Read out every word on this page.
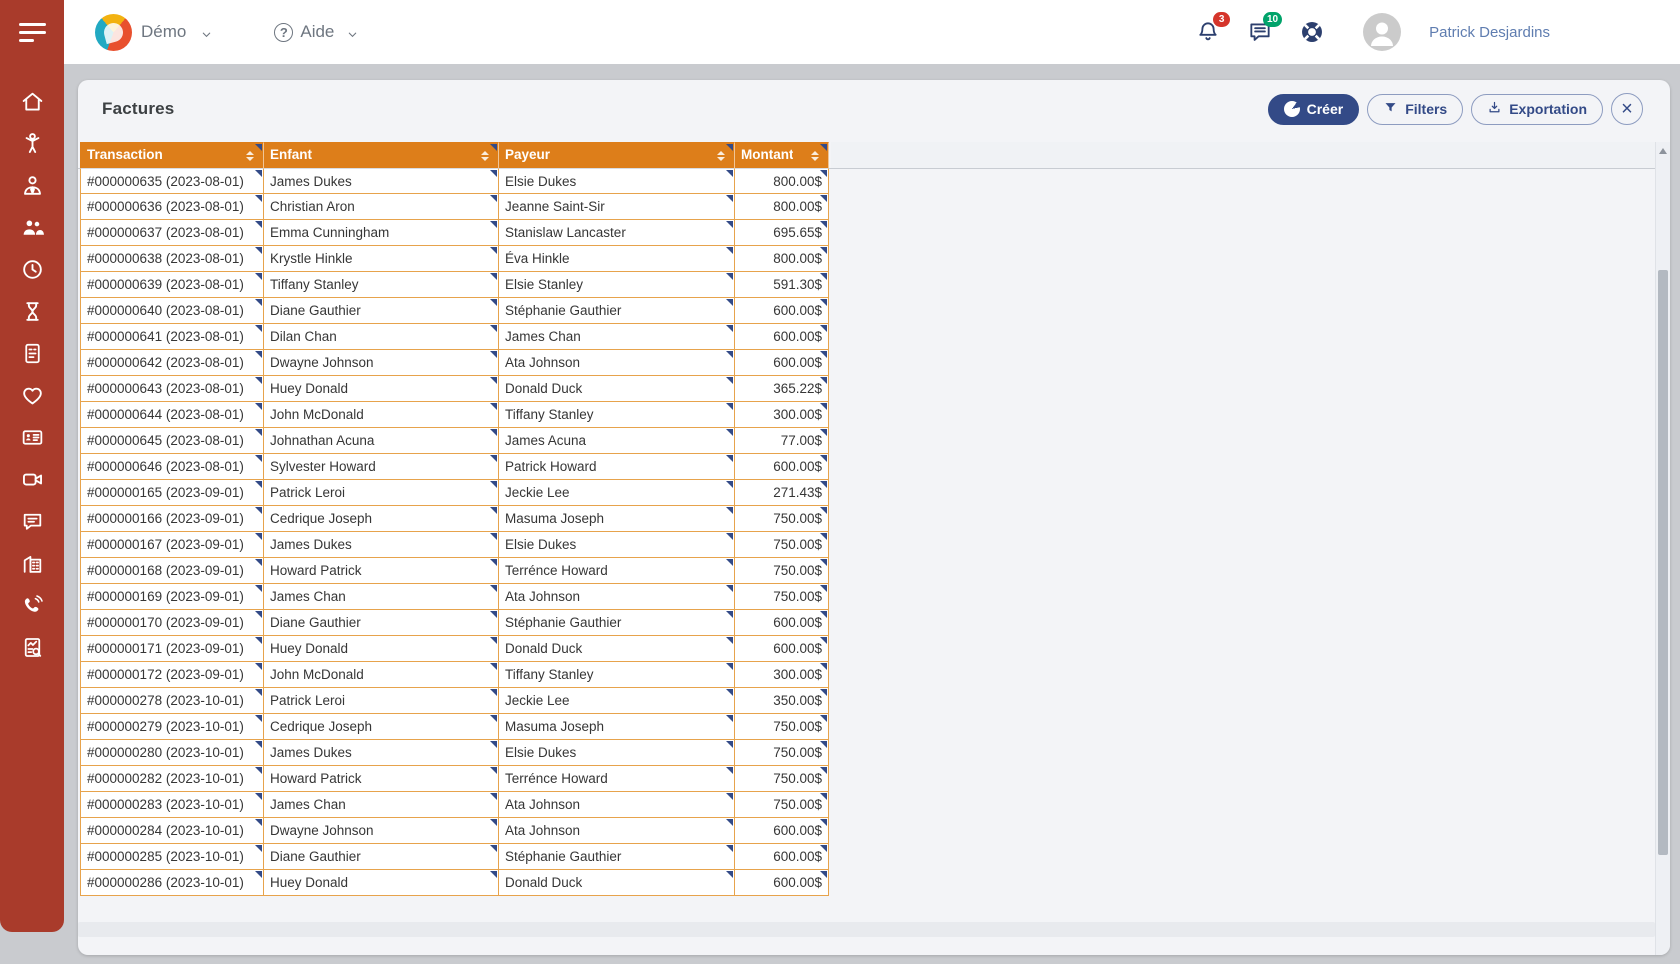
Démo	? Aide
3	10
Patrick Desjardins
Factures	Créer	Filters	Exportation ×
Transaction	Enfant	Payeur	Montant

#000000635 (2023-08-01)	James Dukes	Elsie Dukes	800.00$

#000000636 (2023-08-01)	Christian Aron	Jeanne Saint-Sir	800.00$

#000000637 (2023-08-01)	Emma Cunningham	Stanislaw Lancaster	695.65$

#000000638 (2023-08-01)	Krystle Hinkle	Éva Hinkle	800.00$

#000000639 (2023-08-01)	Tiffany Stanley	Elsie Stanley	591.30$

#000000640 (2023-08-01)	Diane Gauthier	Stéphanie Gauthier	600.00$

#000000641 (2023-08-01)	Dilan Chan	James Chan	600.00$

#000000642 (2023-08-01)	Dwayne Johnson	Ata Johnson	600.00$

#000000643 (2023-08-01)	Huey Donald	Donald Duck	365.22$

#000000644 (2023-08-01)	John McDonald	Tiffany Stanley	300.00$

#000000645 (2023-08-01)	Johnathan Acuna	James Acuna	77.00$

#000000646 (2023-08-01)	Sylvester Howard	Patrick Howard	600.00$

#000000165 (2023-09-01)	Patrick Leroi	Jeckie Lee	271.43$

#000000166 (2023-09-01)	Cedrique Joseph	Masuma Joseph	750.00$

#000000167 (2023-09-01)	James Dukes	Elsie Dukes	750.00$

#000000168 (2023-09-01)	Howard Patrick	Terrénce Howard	750.00$

#000000169 (2023-09-01)	James Chan	Ata Johnson	750.00$

#000000170 (2023-09-01)	Diane Gauthier	Stéphanie Gauthier	600.00$

#000000171 (2023-09-01)	Huey Donald	Donald Duck	600.00$

#000000172 (2023-09-01)	John McDonald	Tiffany Stanley	300.00$

#000000278 (2023-10-01)	Patrick Leroi	Jeckie Lee	350.00$

#000000279 (2023-10-01)	Cedrique Joseph	Masuma Joseph	750.00$

#000000280 (2023-10-01)	James Dukes	Elsie Dukes	750.00$

#000000282 (2023-10-01)	Howard Patrick	Terrénce Howard	750.00$

#000000283 (2023-10-01)	James Chan	Ata Johnson	750.00$

#000000284 (2023-10-01)	Dwayne Johnson	Ata Johnson	600.00$

#000000285 (2023-10-01)	Diane Gauthier	Stéphanie Gauthier	600.00$

#000000286 (2023-10-01)	Huey Donald	Donald Duck	600.00$
